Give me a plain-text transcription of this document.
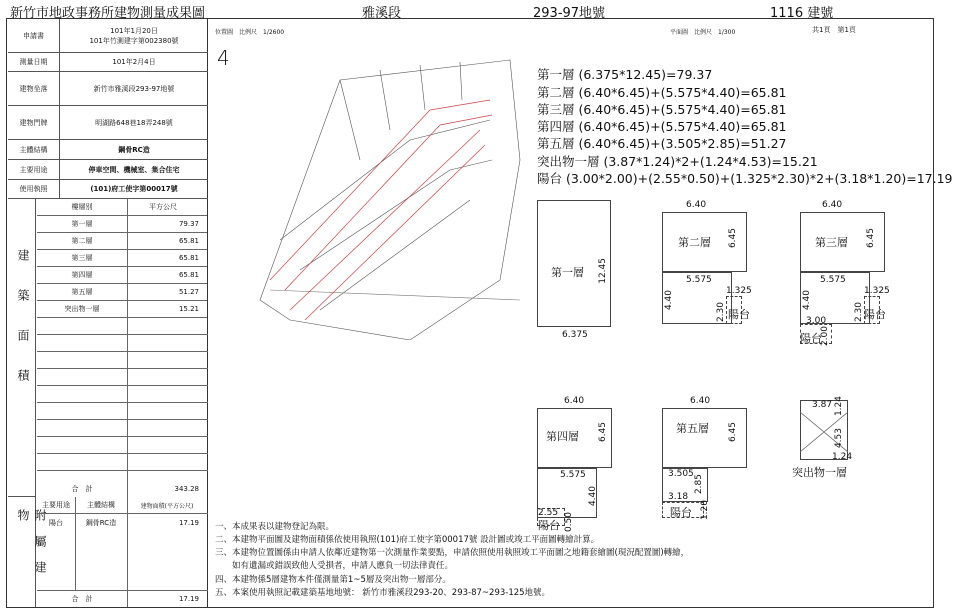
新竹市地政事務所建物測量成果圖	雅溪段	293-97地號	1116 建號
申請書
101年1月20日
101年竹測建字第002380號
測量日期	101年2月4日
建物坐落	新竹市雅溪段293-97地號
建物門牌	明湖路648巷18弄248號
主體結構	鋼骨RC造
主要用途	停車空間、機械室、集合住宅
使用執照	(101)府工使字第00017號
建築面積
樓層別	平方公尺
第一層	79.37
第二層	65.81
第三層	65.81
第四層	65.81
第五層	51.27
突出物一層	15.21
合　計	343.28
附屬建物
主要用途	主體結構	建物面積(平方公尺)
陽台	鋼骨RC造	17.19
合　計	17.19
位置圖　比例尺　1/2600	平面圖　比例尺　1/300	共1頁　第1頁
4
第一層 (6.375*12.45)=79.37
第二層 (6.40*6.45)+(5.575*4.40)=65.81
第三層 (6.40*6.45)+(5.575*4.40)=65.81
第四層 (6.40*6.45)+(5.575*4.40)=65.81
第五層 (6.40*6.45)+(3.505*2.85)=51.27
突出物一層 (3.87*1.24)*2+(1.24*4.53)=15.21
陽台 (3.00*2.00)+(2.55*0.50)+(1.325*2.30)*2+(3.18*1.20)=17.19
第一層 12.45
6.375
6.40
第二層 6.45
5.575
4.40	1.325
2.30 陽台
6.40
第三層 6.45
5.575
4.40	1.325
2.30 陽台
3.00
2.00
陽台
6.40
第四層 6.45
5.575
4.40
2.55 0.50
陽台
6.40
第五層 6.45
3.505 2.85
3.18
1.20
陽台
3.87 1.24
4.53
1.24
突出物一層
一、本成果表以建物登記為限。
二、本建物平面圖及建物面積係依使用執照(101)府工使字第00017號 設計圖或竣工平面圖轉繪計算。
三、本建物位置圖係由申請人依鄰近建物第一次測量作業要點，申請依照使用執照竣工平面圖之地籍套繪圖(現況配置圖)轉繪，
　　如有遺漏或錯誤致他人受損者，申請人應負一切法律責任。
四、本建物係5層建物本件僅測量第1~5層及突出物一層部分。
五、本案使用執照記載建築基地地號： 新竹市雅溪段293-20、293-87~293-125地號。
